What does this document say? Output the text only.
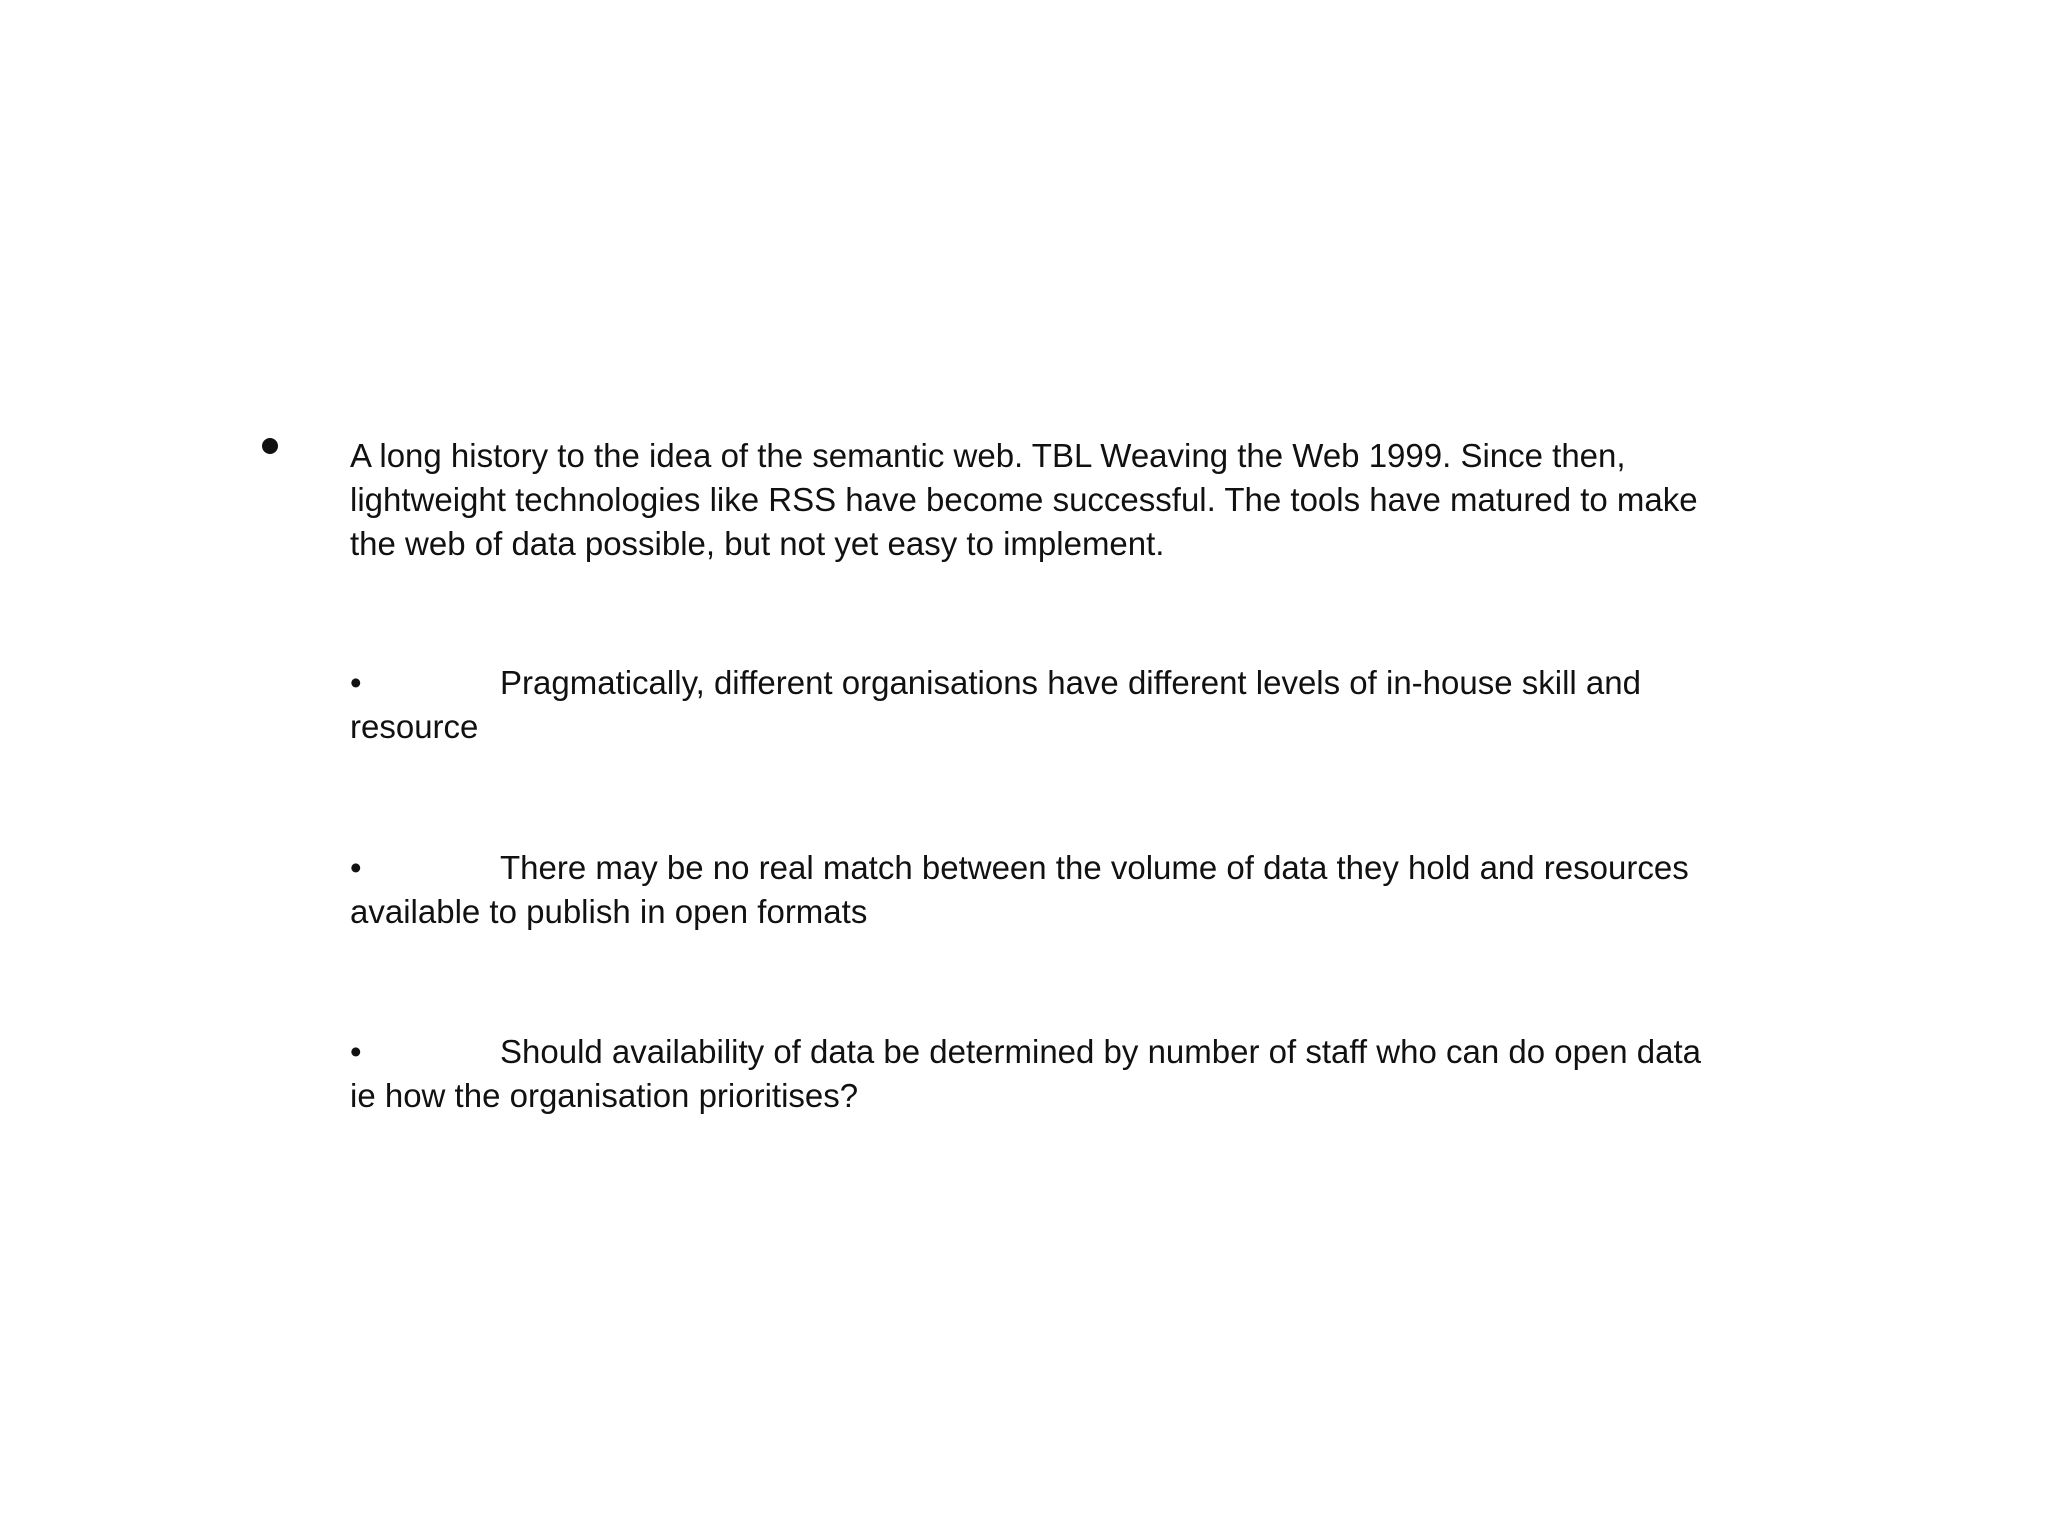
A long history to the idea of the semantic web. TBL Weaving the Web 1999. Since then,
lightweight technologies like RSS have become successful. The tools have matured to make
the web of data possible, but not yet easy to implement.
•	Pragmatically, different organisations have different levels of in-house skill and
resource
•	There may be no real match between the volume of data they hold and resources
available to publish in open formats
•	Should availability of data be determined by number of staff who can do open data
ie how the organisation prioritises?
